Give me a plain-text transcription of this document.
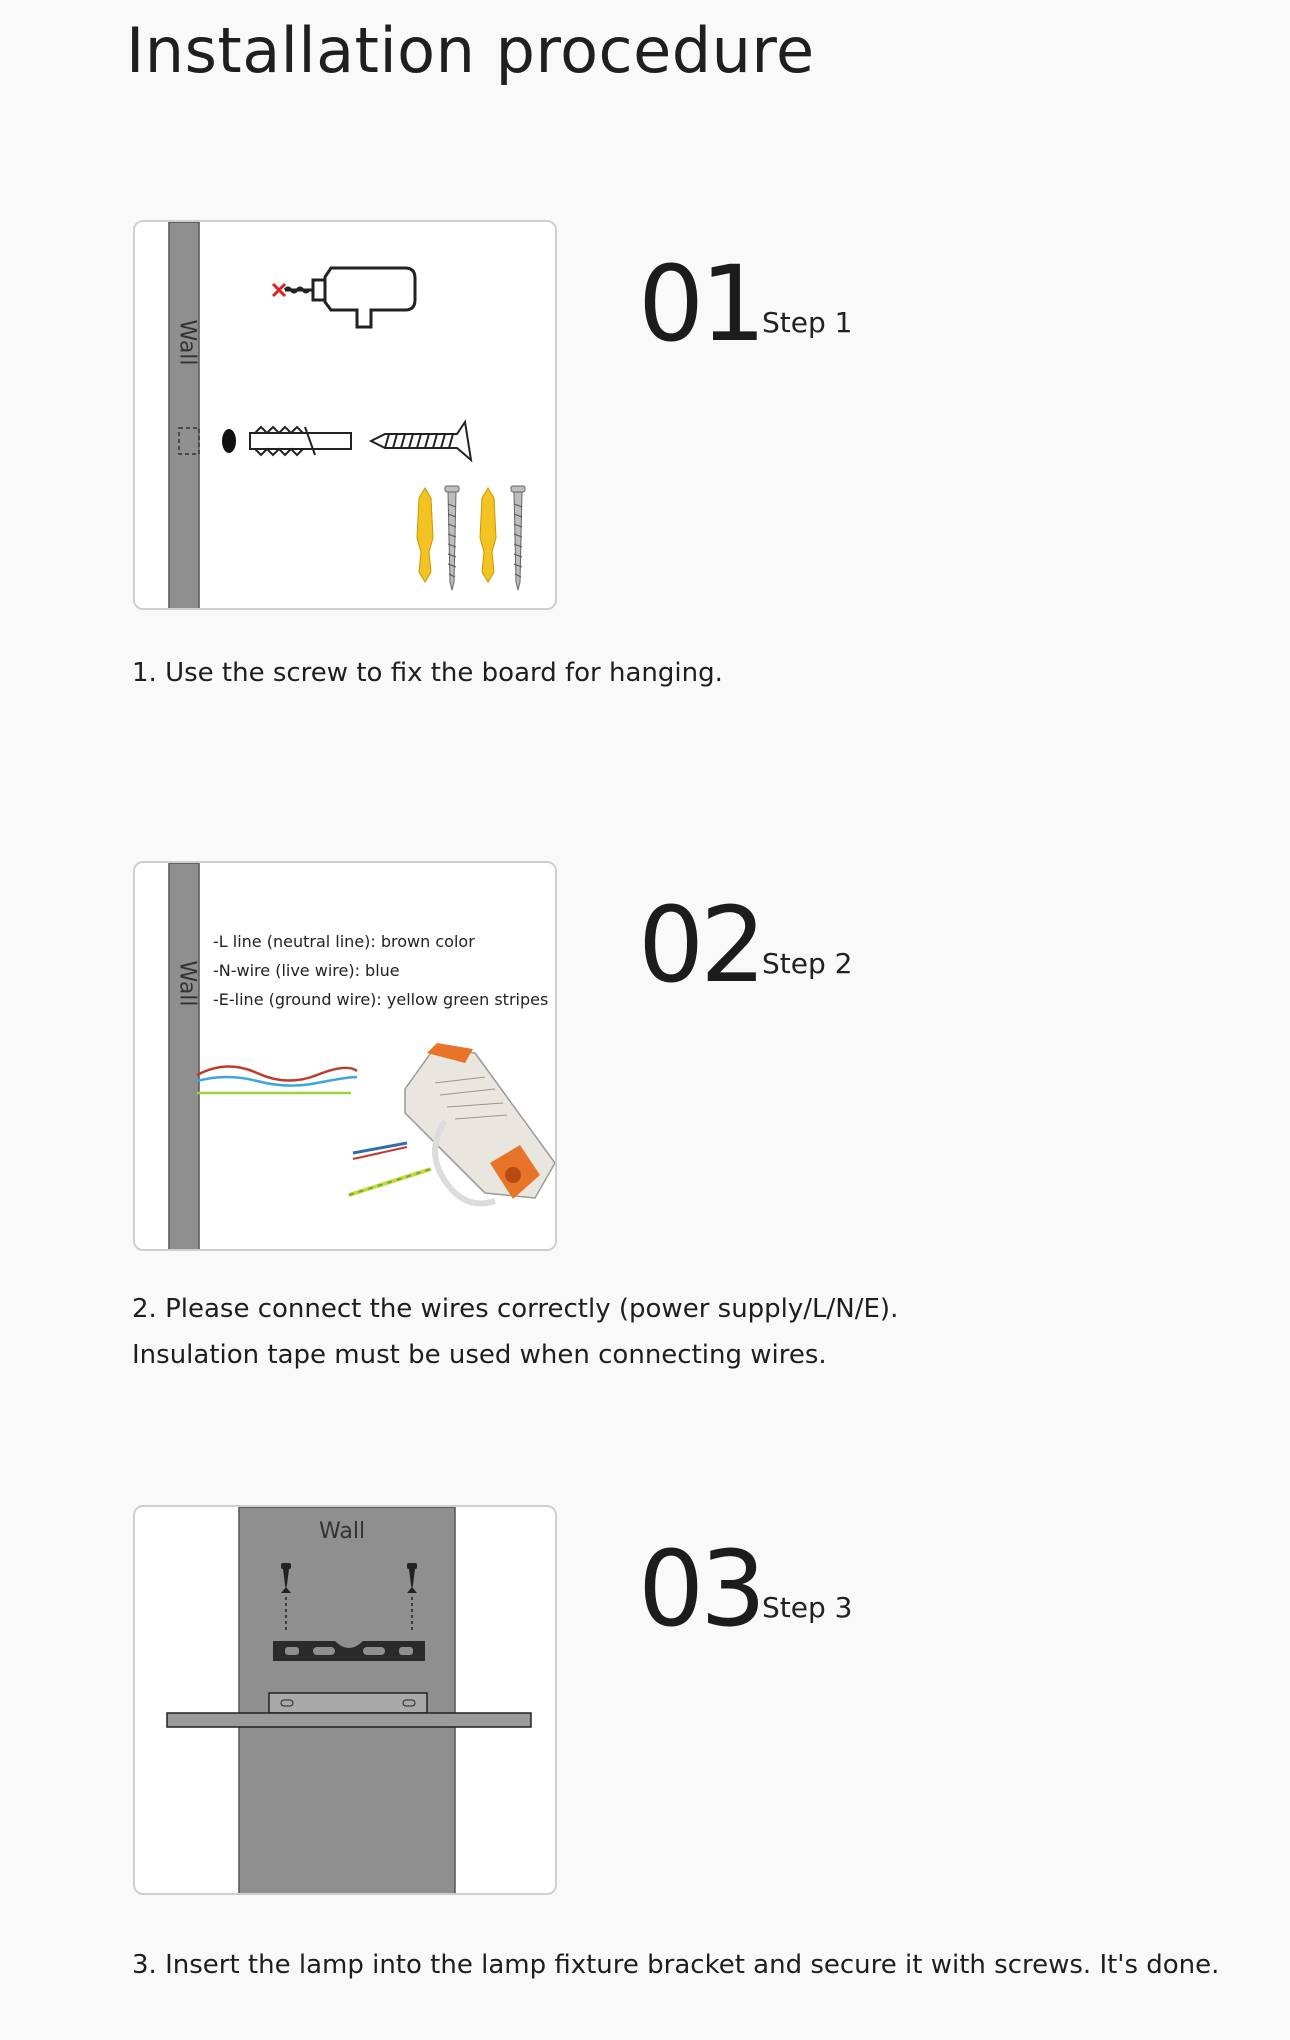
Installation procedure
Wall	01 Step 1

1. Use the screw to fix the board for hanging.

Wall
-L line (neutral line): brown color
-N-wire (live wire): blue
-E-line (ground wire): yellow green stripes 02 Step 2

2. Please connect the wires correctly (power supply/L/N/E).
Insulation tape must be used when connecting wires.

Wall	03 Step 3

3. Insert the lamp into the lamp fixture bracket and secure it with screws. It's done.
